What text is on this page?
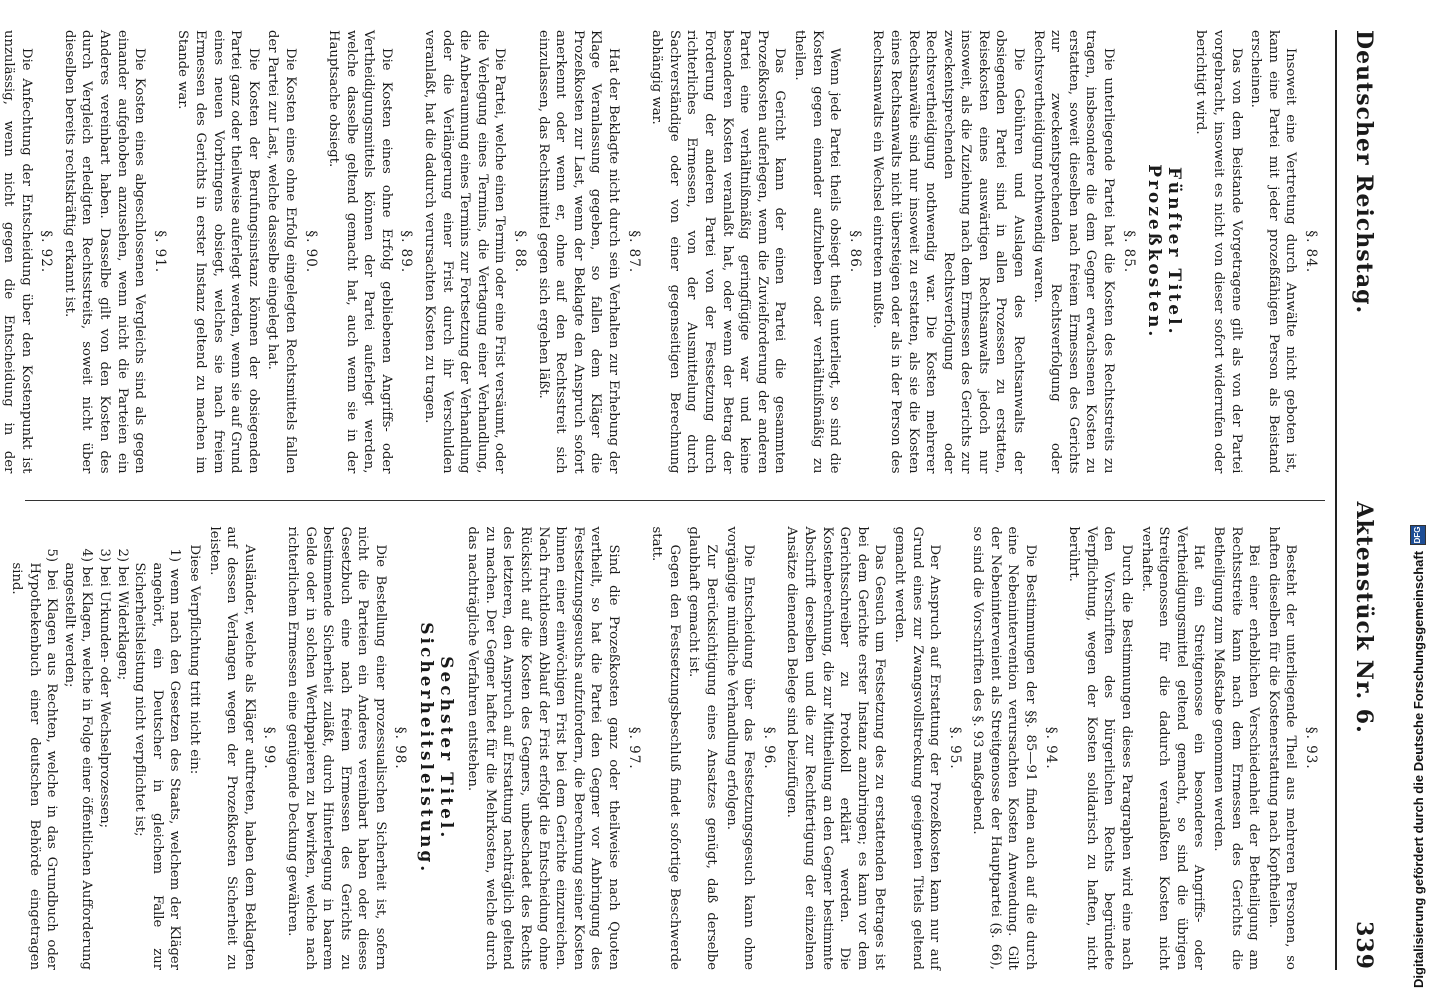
Deutscher Reichstag.
Aktenstück Nr. 6.
339
§. 84.

Insoweit eine Vertretung durch Anwälte nicht geboten ist, kann eine Partei mit jeder prozeßfähigen Person als Beistand erscheinen.

Das von dem Beistande Vorgetragene gilt als von der Partei vorgebracht, insoweit es nicht von dieser sofort widerrufen oder berichtigt wird.

Fünfter Titel.
Prozeßkosten.
§. 85.

Die unterliegende Partei hat die Kosten des Rechtsstreits zu tragen, insbesondere die dem Gegner erwachsenen Kosten zu erstatten, soweit dieselben nach freiem Ermessen des Gerichts zur zweckentsprechenden Rechtsverfolgung oder Rechtsvertheidigung nothwendig waren.

Die Gebühren und Auslagen des Rechtsanwalts der obsiegenden Partei sind in allen Prozessen zu erstatten, Reisekosten eines auswärtigen Rechtsanwalts jedoch nur insoweit, als die Zuziehung nach dem Ermessen des Gerichts zur zweckentsprechenden Rechtsverfolgung oder Rechtsvertheidigung nothwendig war. Die Kosten mehrerer Rechtsanwälte sind nur insoweit zu erstatten, als sie die Kosten eines Rechtsanwalts nicht übersteigen oder als in der Person des Rechtsanwalts ein Wechsel eintreten mußte.

§. 86.

Wenn jede Partei theils obsiegt theils unterliegt, so sind die Kosten gegen einander aufzuheben oder verhältnißmäßig zu theilen.

Das Gericht kann der einen Partei die gesammten Prozeßkosten auferlegen, wenn die Zuvielforderung der anderen Partei eine verhältnißmäßig geringfügige war und keine besonderen Kosten veranlaßt hat, oder wenn der Betrag der Forderung der anderen Partei von der Festsetzung durch richterliches Ermessen, von der Ausmittelung durch Sachverständige oder von einer gegenseitigen Berechnung abhängig war.

§. 87.

Hat der Beklagte nicht durch sein Verhalten zur Erhebung der Klage Veranlassung gegeben, so fallen dem Kläger die Prozeßkosten zur Last, wenn der Beklagte den Anspruch sofort anerkennt oder wenn er, ohne auf den Rechtsstreit sich einzulassen, das Rechtsmittel gegen sich ergehen läßt.

§. 88.

Die Partei, welche einen Termin oder eine Frist versäumt, oder die Verlegung eines Termins, die Vertagung einer Verhandlung, die Anberaumung eines Termins zur Fortsetzung der Verhandlung oder die Verlängerung einer Frist durch ihr Verschulden veranlaßt, hat die dadurch verursachten Kosten zu tragen.

§. 89.

Die Kosten eines ohne Erfolg gebliebenen Angriffs- oder Vertheidigungsmittels können der Partei auferlegt werden, welche dasselbe geltend gemacht hat, auch wenn sie in der Hauptsache obsiegt.

§. 90.

Die Kosten eines ohne Erfolg eingelegten Rechtsmittels fallen der Partei zur Last, welche dasselbe eingelegt hat.

Die Kosten der Berufungsinstanz können der obsiegenden Partei ganz oder theilweise auferlegt werden, wenn sie auf Grund eines neuen Vorbringens obsiegt, welches sie nach freiem Ermessen des Gerichts in erster Instanz geltend zu machen im Stande war.

§. 91.

Die Kosten eines abgeschlossenen Vergleichs sind als gegen einander aufgehoben anzusehen, wenn nicht die Parteien ein Anderes vereinbart haben. Dasselbe gilt von den Kosten des durch Vergleich erledigten Rechtsstreits, soweit nicht über dieselben bereits rechtskräftig erkannt ist.

§. 92.

Die Anfechtung der Entscheidung über den Kostenpunkt ist unzulässig, wenn nicht gegen die Entscheidung in der

§. 93.

Besteht der unterliegende Theil aus mehreren Personen, so haften dieselben für die Kostenerstattung nach Kopftheilen.

Bei einer erheblichen Verschiedenheit der Betheiligung am Rechtsstreite kann nach dem Ermessen des Gerichts die Betheiligung zum Maßstabe genommen werden.

Hat ein Streitgenosse ein besonderes Angriffs- oder Vertheidigungsmittel geltend gemacht, so sind die übrigen Streitgenossen für die dadurch veranlaßten Kosten nicht verhaftet.

Durch die Bestimmungen dieses Paragraphen wird eine nach den Vorschriften des bürgerlichen Rechts begründete Verpflichtung, wegen der Kosten solidarisch zu haften, nicht berührt.

§. 94.

Die Bestimmungen der §§. 85—91 finden auch auf die durch eine Nebenintervention verursachten Kosten Anwendung. Gilt der Nebenintervenient als Streitgenosse der Hauptpartei (§. 66), so sind die Vorschriften des §. 93 maßgebend.

§. 95.

Der Anspruch auf Erstattung der Prozeßkosten kann nur auf Grund eines zur Zwangsvollstreckung geeigneten Titels geltend gemacht werden.

Das Gesuch um Festsetzung des zu erstattenden Betrages ist bei dem Gerichte erster Instanz anzubringen; es kann vor dem Gerichtsschreiber zu Protokoll erklärt werden. Die Kostenberechnung, die zur Mittheilung an den Gegner bestimmte Abschrift derselben und die zur Rechtfertigung der einzelnen Ansätze dienenden Belege sind beizufügen.

§. 96.

Die Entscheidung über das Festsetzungsgesuch kann ohne vorgängige mündliche Verhandlung erfolgen.

Zur Berücksichtigung eines Ansatzes genügt, daß derselbe glaubhaft gemacht ist.

Gegen den Festsetzungsbeschluß findet sofortige Beschwerde statt.

§. 97.

Sind die Prozeßkosten ganz oder theilweise nach Quoten vertheilt, so hat die Partei den Gegner vor Anbringung des Festsetzungsgesuchs aufzufordern, die Berechnung seiner Kosten binnen einer einwöchigen Frist bei dem Gerichte einzureichen. Nach fruchtlosem Ablauf der Frist erfolgt die Entscheidung ohne Rücksicht auf die Kosten des Gegners, unbeschadet des Rechts des letzteren, den Anspruch auf Erstattung nachträglich geltend zu machen. Der Gegner haftet für die Mehrkosten, welche durch das nachträgliche Verfahren entstehen.

Sechster Titel.
Sicherheitsleistung.
§. 98.

Die Bestellung einer prozessualischen Sicherheit ist, sofern nicht die Parteien ein Anderes vereinbart haben oder dieses Gesetzbuch eine nach freiem Ermessen des Gerichts zu bestimmende Sicherheit zuläßt, durch Hinterlegung in baarem Gelde oder in solchen Werthpapieren zu bewirken, welche nach richterlichem Ermessen eine genügende Deckung gewähren.

§. 99.

Ausländer, welche als Kläger auftreten, haben dem Beklagten auf dessen Verlangen wegen der Prozeßkosten Sicherheit zu leisten.

Diese Verpflichtung tritt nicht ein:

1) wenn nach den Gesetzen des Staats, welchem der Kläger angehört, ein Deutscher in gleichem Falle zur Sicherheitsleistung nicht verpflichtet ist;
2) bei Widerklagen;
3) bei Urkunden- oder Wechselprozessen;
4) bei Klagen, welche in Folge einer öffentlichen Aufforderung angestellt werden;
5) bei Klagen aus Rechten, welche in das Grundbuch oder Hypothekenbuch einer deutschen Behörde eingetragen sind.	Digitalisierung gefördert durch die Deutsche Forschungsgemeinschaft
DFG
